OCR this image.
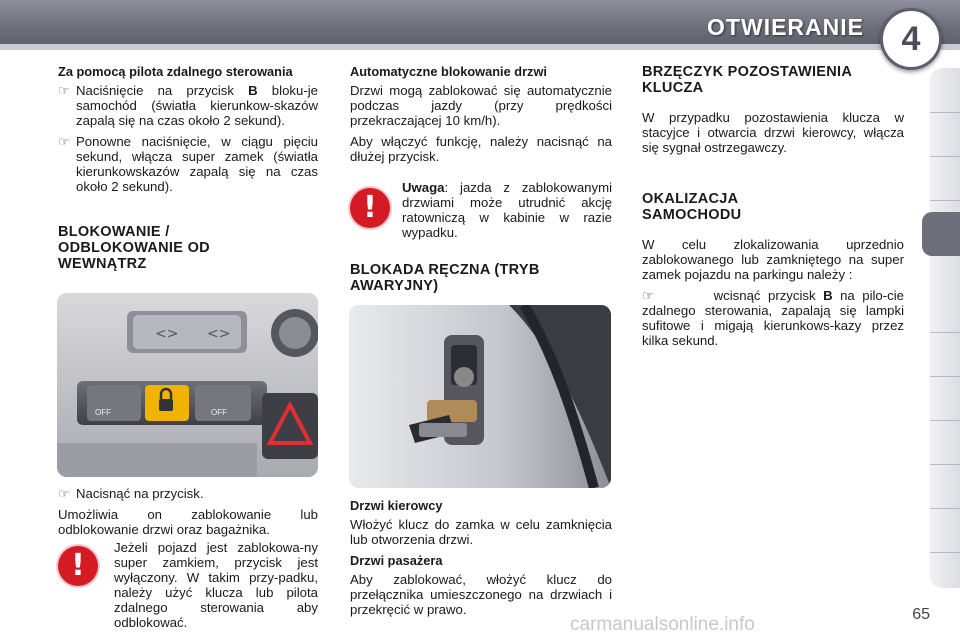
OTWIERANIE	4
Za pomocą pilota zdalnego sterowania
☞ Naciśnięcie na przycisk B bloku-je samochód (światła kierunkow-skazów zapalą się na czas około 2 sekund).
☞ Ponowne naciśnięcie, w ciągu pięciu sekund, włącza super zamek (światła kierunkowskazów zapalą się na czas około 2 sekund).
BLOKOWANIE / ODBLOKOWANIE OD WEWNĄTRZ
<> <>
OFF	OFF
☞ Nacisnąć na przycisk.

Umożliwia on zablokowanie lub odblokowanie drzwi oraz bagażnika.

!
Jeżeli pojazd jest zablokowa-ny super zamkiem, przycisk jest wyłączony. W takim przy-padku, należy użyć klucza lub pilota zdalnego sterowania aby odblokować.
Automatyczne blokowanie drzwi

Drzwi mogą zablokować się automatycznie podczas jazdy (przy prędkości przekraczającej 10 km/h).

Aby włączyć funkcję, należy nacisnąć na dłużej przycisk.

!
Uwaga: jazda z zablokowanymi drzwiami może utrudnić akcję ratowniczą w kabinie w razie wypadku.
BLOKADA RĘCZNA (TRYB AWARYJNY)
Drzwi kierowcy

Włożyć klucz do zamka w celu zamknięcia lub otworzenia drzwi.

Drzwi pasażera

Aby zablokować, włożyć klucz do przełącznika umieszczonego na drzwiach i przekręcić w prawo.

BRZĘCZYK POZOSTAWIENIA KLUCZA

W przypadku pozostawienia klucza w stacyjce i otwarcia drzwi kierowcy, włącza się sygnał ostrzegawczy.

OKALIZACJA SAMOCHODU

W celu zlokalizowania uprzednio zablokowanego lub zamkniętego na super zamek pojazdu na parkingu należy :

☞	wcisnąć przycisk B na pilo-cie zdalnego sterowania, zapalają się lampki sufitowe i migają kierunkows-kazy przez kilka sekund.
65
carmanualsonline.info
